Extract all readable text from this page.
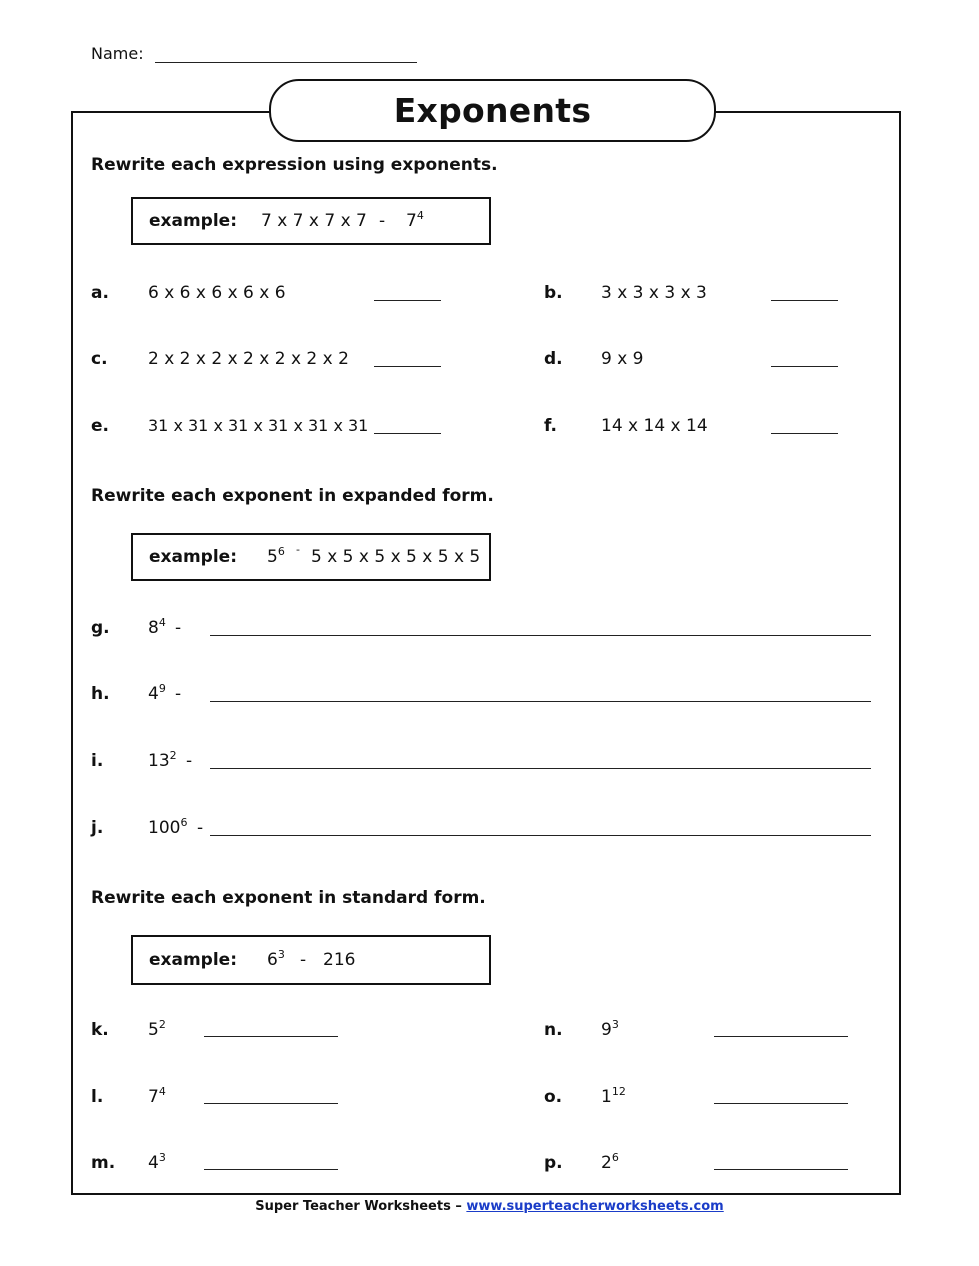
Name:
Exponents
Rewrite each expression using exponents.
example: 7 x 7 x 7 x $7 - 7^4$
a. 6 x 6 x 6 x 6 x 6	b. 3 x 3 x 3 x 3
c. 2 x 2 x 2 x 2 x 2 x 2 x 2	d. 9 x 9
e. 31 x 31 x 31 x 31 x 31 x 31	f.	14 x 14 x 14
Rewrite each exponent in expanded form.
example: $5^6 - 5$ x 5 x 5 x 5 x 5 x 5
g. $8^4$ -
h. $4^9$ -
i.	$13^2$ -
j.	$100^6$ -
Rewrite each exponent in standard form.
example: $6^3 - 216$
k. $5^2$	n. $9^3$
l.	$7^4$	o. $1^{12}$
m. $4^3$	p. $2^6$
Super Teacher Worksheets – www.superteacherworksheets.com
